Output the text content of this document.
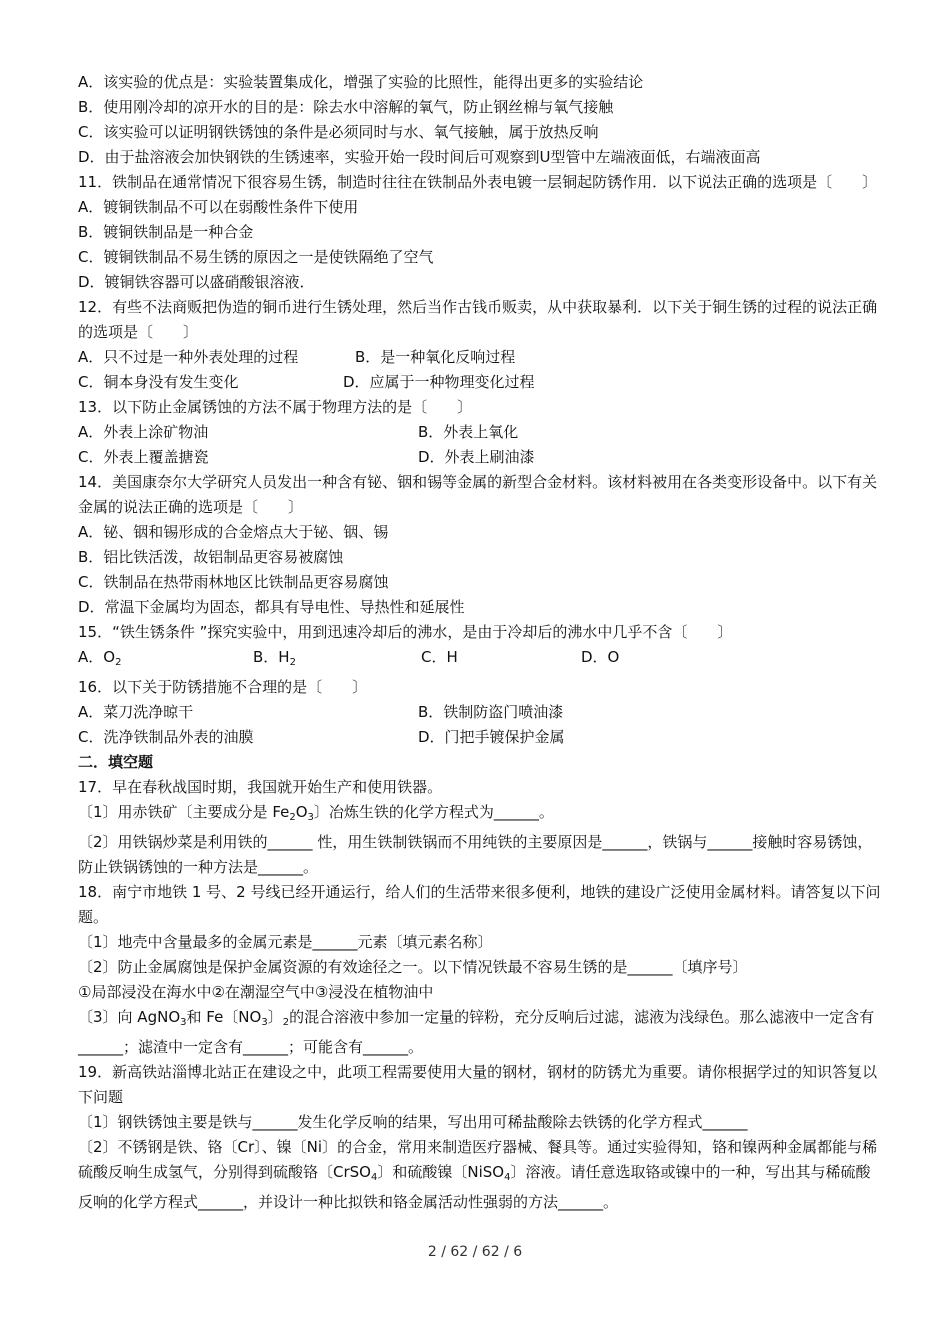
A．该实验的优点是：实验装置集成化，增强了实验的比照性，能得出更多的实验结论
B．使用刚冷却的凉开水的目的是：除去水中溶解的氧气，防止钢丝棉与氧气接触
C．该实验可以证明钢铁锈蚀的条件是必须同时与水、氧气接触，属于放热反响
D．由于盐溶液会加快钢铁的生锈速率，实验开始一段时间后可观察到U型管中左端液面低，右端液面高
11．铁制品在通常情况下很容易生锈，制造时往往在铁制品外表电镀一层铜起防锈作用．以下说法正确的选项是〔　　〕
A．镀铜铁制品不可以在弱酸性条件下使用
B．镀铜铁制品是一种合金
C．镀铜铁制品不易生锈的原因之一是使铁隔绝了空气
D．镀铜铁容器可以盛硝酸银溶液．
12．有些不法商贩把伪造的铜币进行生锈处理，然后当作古钱币贩卖，从中获取暴利．以下关于铜生锈的过程的说法正确的选项是〔　　〕
A．只不过是一种外表处理的过程	B．是一种氧化反响过程
C．铜本身没有发生变化	D．应属于一种物理变化过程
13．以下防止金属锈蚀的方法不属于物理方法的是〔　　〕
A．外表上涂矿物油	B．外表上氧化
C．外表上覆盖搪瓷	D．外表上刷油漆
14．美国康奈尔大学研究人员发出一种含有铋、铟和锡等金属的新型合金材料。该材料被用在各类变形设备中。以下有关金属的说法正确的选项是〔　　〕
A．铋、铟和锡形成的合金熔点大于铋、铟、锡
B．铝比铁活泼，故铝制品更容易被腐蚀
C．铁制品在热带雨林地区比铁制品更容易腐蚀
D．常温下金属均为固态，都具有导电性、导热性和延展性
15．“铁生锈条件 ”探究实验中，用到迅速冷却后的沸水，是由于冷却后的沸水中几乎不含〔　　〕
A．$O_2$	B．$H_2$	C．H	D．O
16．以下关于防锈措施不合理的是〔　　〕
A．菜刀洗净晾干	B．铁制防盗门喷油漆
C．洗净铁制品外表的油膜	D．门把手镀保护金属
二．填空题
17．早在春秋战国时期，我国就开始生产和使用铁器。
〔1〕用赤铁矿〔主要成分是 $Fe_2O_3$〕冶炼生铁的化学方程式为______。
〔2〕用铁锅炒菜是利用铁的______ 性，用生铁制铁锅而不用纯铁的主要原因是______，铁锅与______接触时容易锈蚀，防止铁锅锈蚀的一种方法是______。
18．南宁市地铁 1 号、2 号线已经开通运行，给人们的生活带来很多便利，地铁的建设广泛使用金属材料。请答复以下问题。
〔1〕地壳中含量最多的金属元素是______元素〔填元素名称〕
〔2〕防止金属腐蚀是保护金属资源的有效途径之一。以下情况铁最不容易生锈的是______〔填序号〕
①局部浸没在海水中②在潮湿空气中③浸没在植物油中
〔3〕向 AgNO$_3$和 Fe〔$NO_3$〕$_2$的混合溶液中参加一定量的锌粉，充分反响后过滤，滤液为浅绿色。那么滤液中一定含有______；滤渣中一定含有______；可能含有______。
19．新高铁站淄博北站正在建设之中，此项工程需要使用大量的钢材，钢材的防锈尤为重要。请你根据学过的知识答复以下问题
〔1〕钢铁锈蚀主要是铁与______发生化学反响的结果，写出用可稀盐酸除去铁锈的化学方程式______
〔2〕不锈钢是铁、铬〔Cr〕、镍〔Ni〕的合金，常用来制造医疗器械、餐具等。通过实验得知，铬和镍两种金属都能与稀硫酸反响生成氢气，分别得到硫酸铬〔CrSO$_4$〕和硫酸镍〔NiSO$_4$〕溶液。请任意选取铬或镍中的一种，写出其与稀硫酸反响的化学方程式______，并设计一种比拟铁和铬金属活动性强弱的方法______。
2 / 62 / 62 / 6
